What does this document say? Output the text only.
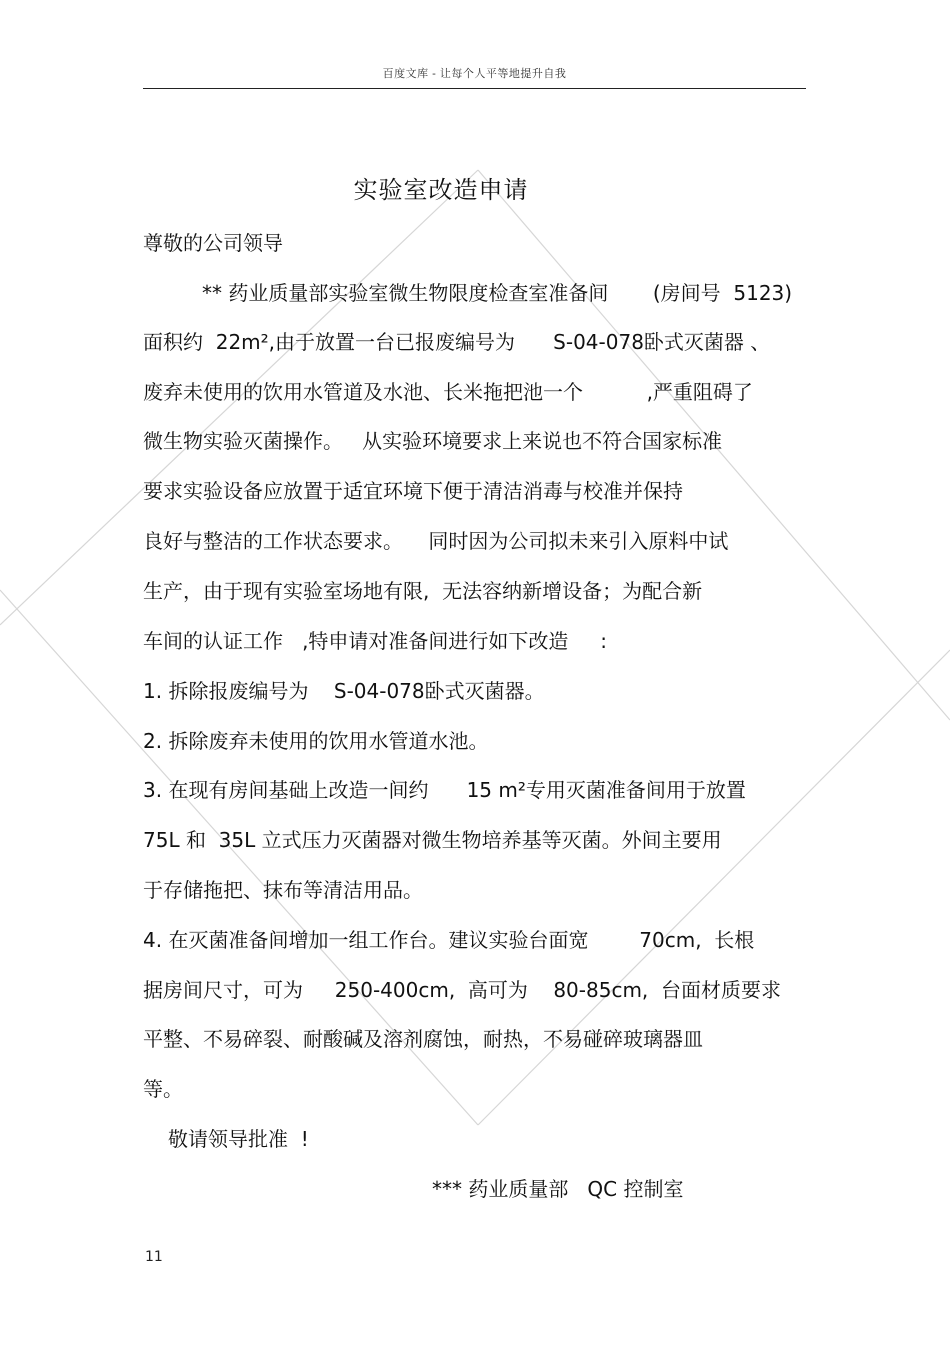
百度文库 - 让每个人平等地提升自我
实验室改造申请
尊敬的公司领导
** 药业质量部实验室微生物限度检查室准备间       (房间号  5123)
面积约  22m²,由于放置一台已报废编号为      S-04-078卧式灭菌器 、
废弃未使用的饮用水管道及水池、长米拖把池一个          ,严重阻碍了
微生物实验灭菌操作。   从实验环境要求上来说也不符合国家标准
要求实验设备应放置于适宜环境下便于清洁消毒与校准并保持
良好与整洁的工作状态要求。    同时因为公司拟未来引入原料中试
生产，由于现有实验室场地有限,  无法容纳新增设备；为配合新
车间的认证工作   ,特申请对准备间进行如下改造     :
1. 拆除报废编号为    S-04-078卧式灭菌器。
2. 拆除废弃未使用的饮用水管道水池。
3. 在现有房间基础上改造一间约      15 m²专用灭菌准备间用于放置
75L 和  35L 立式压力灭菌器对微生物培养基等灭菌。外间主要用
于存储拖把、抹布等清洁用品。
4. 在灭菌准备间增加一组工作台。建议实验台面宽        70cm,  长根
据房间尺寸，可为     250-400cm,  高可为    80-85cm,  台面材质要求
平整、不易碎裂、耐酸碱及溶剂腐蚀，耐热，不易碰碎玻璃器皿
等。
敬请领导批准  !
*** 药业质量部   QC 控制室
11
